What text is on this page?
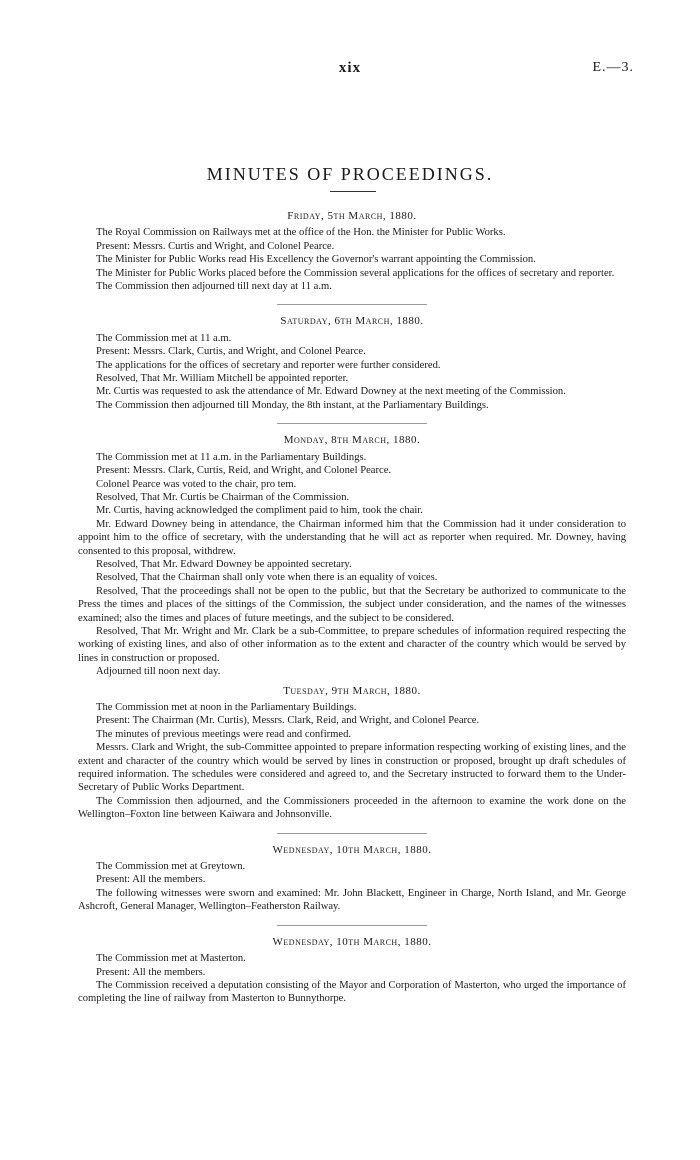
xix	E.—3.
MINUTES OF PROCEEDINGS.
Friday, 5th March, 1880.

The Royal Commission on Railways met at the office of the Hon. the Minister for Public Works.

Present: Messrs. Curtis and Wright, and Colonel Pearce.

The Minister for Public Works read His Excellency the Governor's warrant appointing the Commission.

The Minister for Public Works placed before the Commission several applications for the offices of secretary and reporter.

The Commission then adjourned till next day at 11 a.m.

Saturday, 6th March, 1880.

The Commission met at 11 a.m.

Present: Messrs. Clark, Curtis, and Wright, and Colonel Pearce.

The applications for the offices of secretary and reporter were further considered.

Resolved, That Mr. William Mitchell be appointed reporter.

Mr. Curtis was requested to ask the attendance of Mr. Edward Downey at the next meeting of the Commission.

The Commission then adjourned till Monday, the 8th instant, at the Parliamentary Buildings.

Monday, 8th March, 1880.

The Commission met at 11 a.m. in the Parliamentary Buildings.

Present: Messrs. Clark, Curtis, Reid, and Wright, and Colonel Pearce.

Colonel Pearce was voted to the chair, pro tem.

Resolved, That Mr. Curtis be Chairman of the Commission.

Mr. Curtis, having acknowledged the compliment paid to him, took the chair.

Mr. Edward Downey being in attendance, the Chairman informed him that the Commission had it under consideration to appoint him to the office of secretary, with the understanding that he will act as reporter when required. Mr. Downey, having consented to this proposal, withdrew.

Resolved, That Mr. Edward Downey be appointed secretary.

Resolved, That the Chairman shall only vote when there is an equality of voices.

Resolved, That the proceedings shall not be open to the public, but that the Secretary be authorized to communicate to the Press the times and places of the sittings of the Commission, the subject under consideration, and the names of the witnesses examined; also the times and places of future meetings, and the subject to be considered.

Resolved, That Mr. Wright and Mr. Clark be a sub-Committee, to prepare schedules of information required respecting the working of existing lines, and also of other information as to the extent and character of the country which would be served by lines in construction or proposed.

Adjourned till noon next day.

Tuesday, 9th March, 1880.

The Commission met at noon in the Parliamentary Buildings.

Present: The Chairman (Mr. Curtis), Messrs. Clark, Reid, and Wright, and Colonel Pearce.

The minutes of previous meetings were read and confirmed.

Messrs. Clark and Wright, the sub-Committee appointed to prepare information respecting working of existing lines, and the extent and character of the country which would be served by lines in construction or proposed, brought up draft schedules of required information. The schedules were considered and agreed to, and the Secretary instructed to forward them to the Under-Secretary of Public Works Department.

The Commission then adjourned, and the Commissioners proceeded in the afternoon to examine the work done on the Wellington–Foxton line between Kaiwara and Johnsonville.

Wednesday, 10th March, 1880.

The Commission met at Greytown.

Present: All the members.

The following witnesses were sworn and examined: Mr. John Blackett, Engineer in Charge, North Island, and Mr. George Ashcroft, General Manager, Wellington–Featherston Railway.

Wednesday, 10th March, 1880.

The Commission met at Masterton.

Present: All the members.

The Commission received a deputation consisting of the Mayor and Corporation of Masterton, who urged the importance of completing the line of railway from Masterton to Bunnythorpe.
